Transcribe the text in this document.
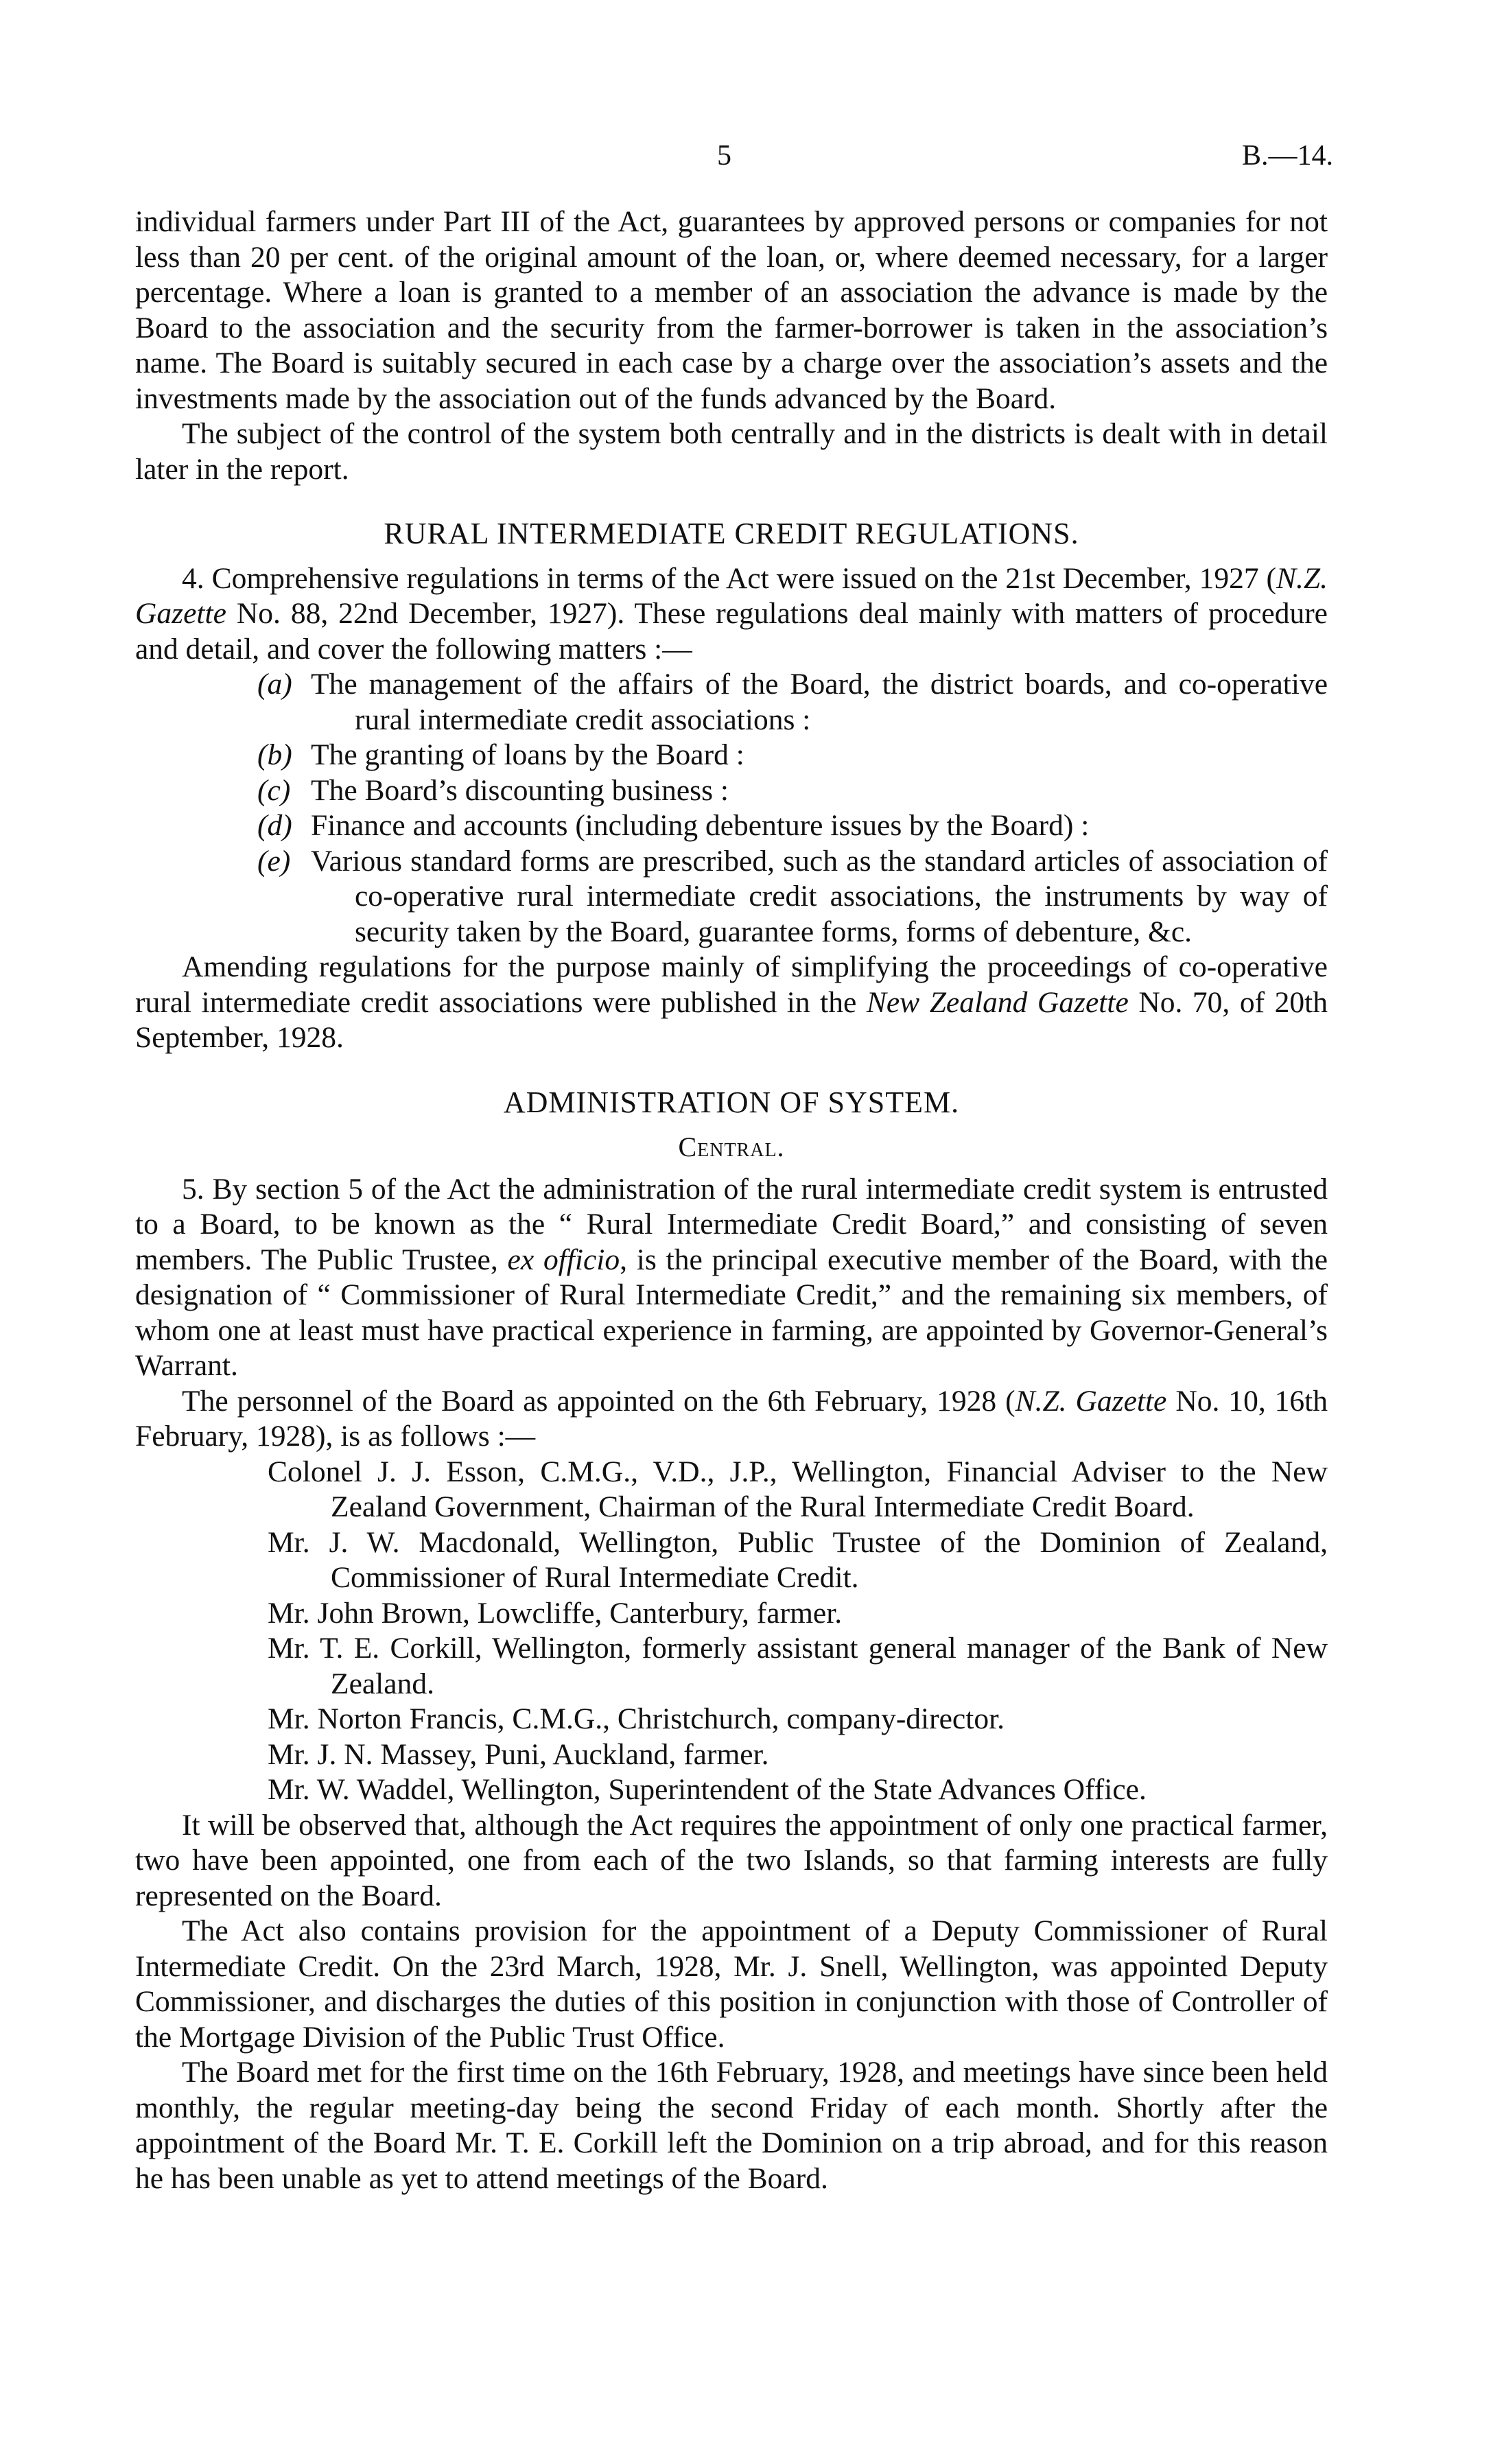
5	B.—14.

individual farmers under Part III of the Act, guarantees by approved persons or companies for not less than 20 per cent. of the original amount of the loan, or, where deemed necessary, for a larger percentage. Where a loan is granted to a member of an association the advance is made by the Board to the association and the security from the farmer-borrower is taken in the association’s name. The Board is suitably secured in each case by a charge over the association’s assets and the investments made by the association out of the funds advanced by the Board.

The subject of the control of the system both centrally and in the districts is dealt with in detail later in the report.

RURAL INTERMEDIATE CREDIT REGULATIONS.

4. Comprehensive regulations in terms of the Act were issued on the 21st December, 1927 (N.Z. Gazette No. 88, 22nd December, 1927). These regulations deal mainly with matters of procedure and detail, and cover the following matters :—

(a) The management of the affairs of the Board, the district boards, and co-operative rural intermediate credit associations :
(b) The granting of loans by the Board :
(c) The Board’s discounting business :
(d) Finance and accounts (including debenture issues by the Board) :
(e) Various standard forms are prescribed, such as the standard articles of association of co-operative rural intermediate credit associations, the instruments by way of security taken by the Board, guarantee forms, forms of debenture, &c.

Amending regulations for the purpose mainly of simplifying the proceedings of co-operative rural intermediate credit associations were published in the New Zealand Gazette No. 70, of 20th September, 1928.

ADMINISTRATION OF SYSTEM.
Central.

5. By section 5 of the Act the administration of the rural intermediate credit system is entrusted to a Board, to be known as the “ Rural Intermediate Credit Board,” and consisting of seven members. The Public Trustee, ex officio, is the principal executive member of the Board, with the designation of “ Commissioner of Rural Intermediate Credit,” and the remaining six members, of whom one at least must have practical experience in farming, are appointed by Governor-General’s Warrant.

The personnel of the Board as appointed on the 6th February, 1928 (N.Z. Gazette No. 10, 16th February, 1928), is as follows :—

Colonel J. J. Esson, C.M.G., V.D., J.P., Wellington, Financial Adviser to the New Zealand Government, Chairman of the Rural Intermediate Credit Board.
Mr. J. W. Macdonald, Wellington, Public Trustee of the Dominion of Zealand, Commissioner of Rural Intermediate Credit.
Mr. John Brown, Lowcliffe, Canterbury, farmer.
Mr. T. E. Corkill, Wellington, formerly assistant general manager of the Bank of New Zealand.
Mr. Norton Francis, C.M.G., Christchurch, company-director.
Mr. J. N. Massey, Puni, Auckland, farmer.
Mr. W. Waddel, Wellington, Superintendent of the State Advances Office.

It will be observed that, although the Act requires the appointment of only one practical farmer, two have been appointed, one from each of the two Islands, so that farming interests are fully represented on the Board.

The Act also contains provision for the appointment of a Deputy Commissioner of Rural Intermediate Credit. On the 23rd March, 1928, Mr. J. Snell, Wellington, was appointed Deputy Commissioner, and discharges the duties of this position in conjunction with those of Controller of the Mortgage Division of the Public Trust Office.

The Board met for the first time on the 16th February, 1928, and meetings have since been held monthly, the regular meeting-day being the second Friday of each month. Shortly after the appointment of the Board Mr. T. E. Corkill left the Dominion on a trip abroad, and for this reason he has been unable as yet to attend meetings of the Board.
